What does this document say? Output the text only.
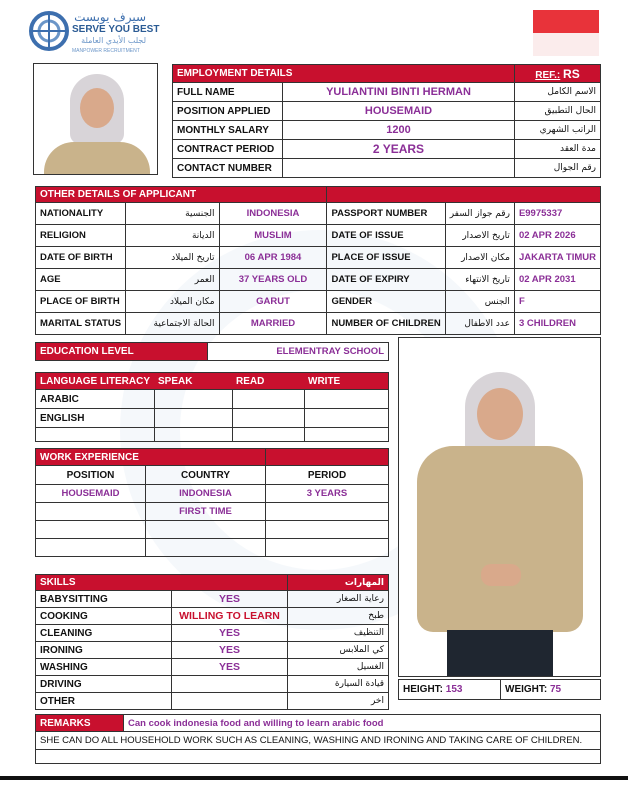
سيرف يوبست
SERVE YOU BEST
لجلب الأيدي العاملة
MANPOWER RECRUITMENT
EMPLOYMENT DETAILS		REF.: RS
FULL NAME	YULIANTINI BINTI HERMAN	الاسم الكامل
POSITION APPLIED	HOUSEMAID	الحال التطبيق
MONTHLY SALARY	1200	الراتب الشهري
CONTRACT PERIOD	2 YEARS	مدة العقد
CONTACT NUMBER		رقم الجوال
OTHER DETAILS OF APPLICANT					
NATIONALITY	الجنسية	INDONESIA	PASSPORT NUMBER	رقم جواز السفر	E9975337
RELIGION	الديانة	MUSLIM	DATE OF ISSUE	تاريخ الاصدار	02 APR 2026
DATE OF BIRTH	تاريخ الميلاد	06 APR 1984	PLACE OF ISSUE	مكان الاصدار	JAKARTA TIMUR
AGE	العمر	37 YEARS OLD	DATE OF EXPIRY	تاريخ الانتهاء	02 APR 2031
PLACE OF BIRTH	مكان الميلاد	GARUT	GENDER	الجنس	F
MARITAL STATUS	الحالة الاجتماعية	MARRIED	NUMBER OF CHILDREN	عدد الاطفال	3 CHILDREN
EDUCATION LEVEL	ELEMENTRAY SCHOOL
LANGUAGE LITERACY	SPEAK	READ	WRITE
ARABIC			
ENGLISH			

WORK EXPERIENCE		
POSITION	COUNTRY	PERIOD
HOUSEMAID	INDONESIA	3 YEARS
	FIRST TIME	

SKILLS		المهارات
BABYSITTING	YES	رعاية الصغار
COOKING	WILLING TO LEARN	طبخ
CLEANING	YES	التنظيف
IRONING	YES	كي الملابس
WASHING	YES	الغسيل
DRIVING		قيادة السيارة
OTHER		اخر
HEIGHT: 153	WEIGHT: 75
REMARKS	Can cook indonesia food and willing to learn arabic food
SHE CAN DO ALL HOUSEHOLD WORK SUCH AS CLEANING, WASHING AND IRONING AND TAKING CARE OF CHILDREN.
